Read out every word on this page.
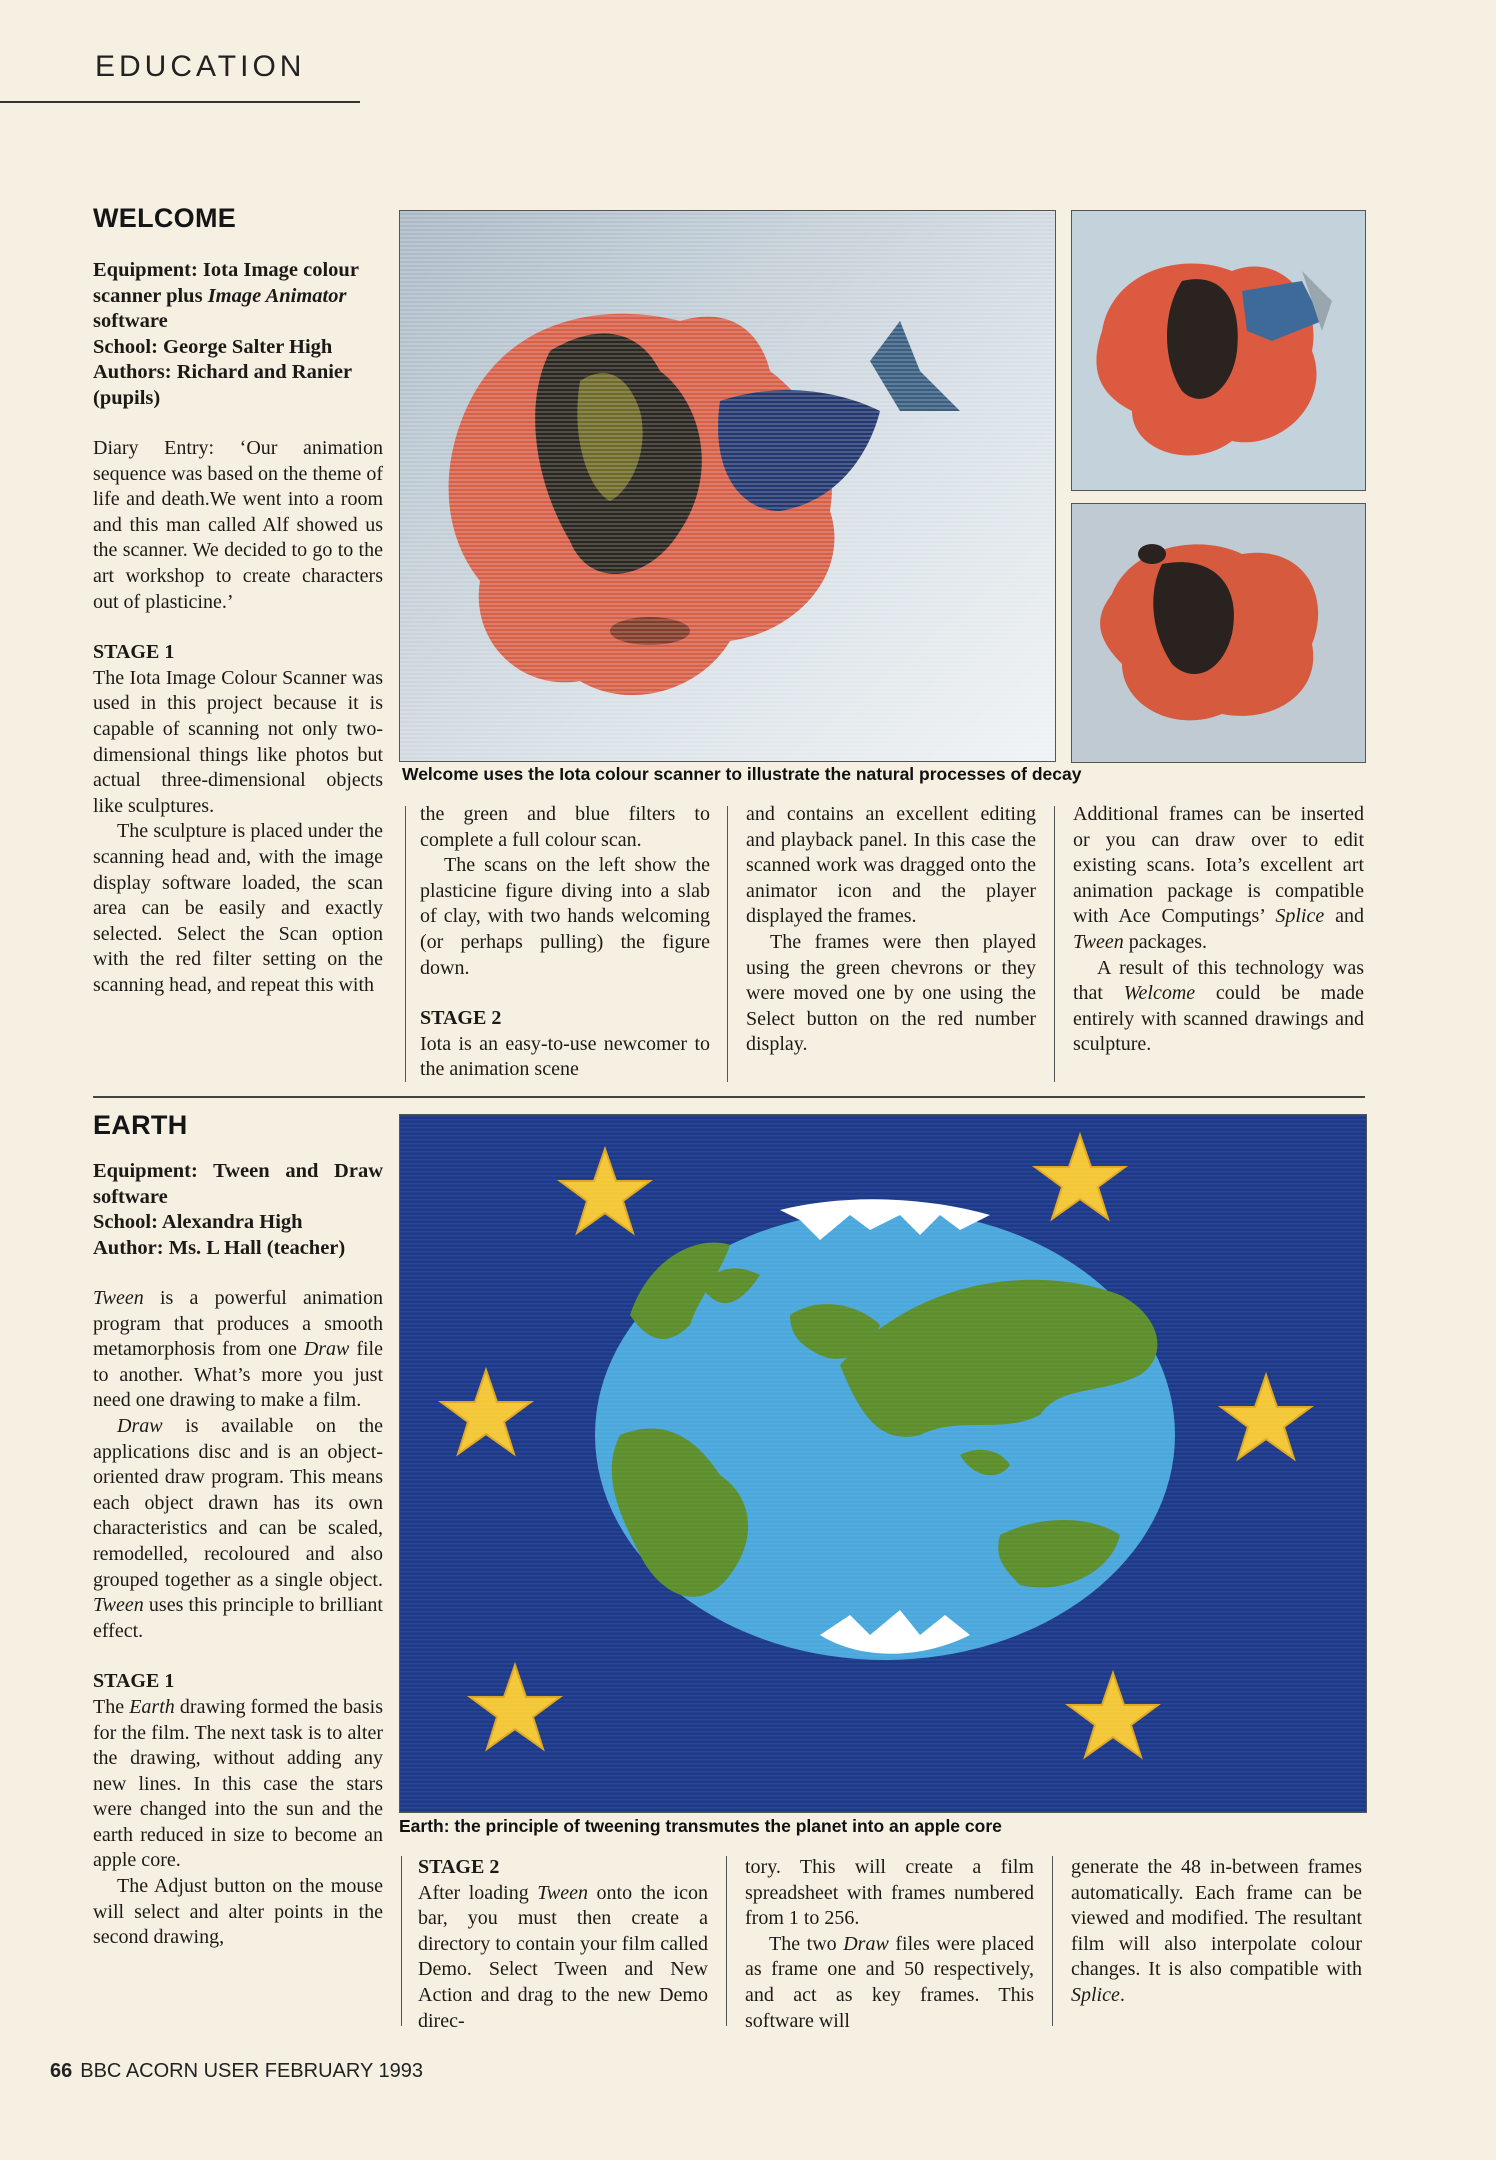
EDUCATION
WELCOME

Equipment: Iota Image colour scanner plus Image Animator software

School: George Salter High

Authors: Richard and Ranier (pupils)

Diary Entry: ‘Our animation sequence was based on the theme of life and death.We went into a room and this man called Alf showed us the scanner. We decided to go to the art workshop to create characters out of plasticine.’

STAGE 1

The Iota Image Colour Scanner was used in this project because it is capable of scanning not only two-dimensional things like photos but actual three-dimensional objects like sculptures.

The sculpture is placed under the scanning head and, with the image display software loaded, the scan area can be easily and exactly selected. Select the Scan option with the red filter setting on the scanning head, and repeat this with

Welcome uses the Iota colour scanner to illustrate the natural processes of decay

the green and blue filters to complete a full colour scan.

The scans on the left show the plasticine figure diving into a slab of clay, with two hands welcoming (or perhaps pulling) the figure down.

STAGE 2

Iota is an easy-to-use newcomer to the animation scene

and contains an excellent editing and playback panel. In this case the scanned work was dragged onto the animator icon and the player displayed the frames.

The frames were then played using the green chevrons or they were moved one by one using the Select button on the red number display.

Additional frames can be inserted or you can draw over to edit existing scans. Iota’s excellent art animation package is compatible with Ace Computings’ Splice and Tween packages.

A result of this technology was that Welcome could be made entirely with scanned drawings and sculpture.

EARTH

Equipment: Tween and Draw software

School: Alexandra High

Author: Ms. L Hall (teacher)

Tween is a powerful animation program that produces a smooth metamorphosis from one Draw file to another. What’s more you just need one drawing to make a film.

Draw is available on the applications disc and is an object-oriented draw program. This means each object drawn has its own characteristics and can be scaled, remodelled, recoloured and also grouped together as a single object. Tween uses this principle to brilliant effect.

STAGE 1

The Earth drawing formed the basis for the film. The next task is to alter the drawing, without adding any new lines. In this case the stars were changed into the sun and the earth reduced in size to become an apple core.

The Adjust button on the mouse will select and alter points in the second drawing,

Earth: the principle of tweening transmutes the planet into an apple core

STAGE 2

After loading Tween onto the icon bar, you must then create a directory to contain your film called Demo. Select Tween and New Action and drag to the new Demo direc-

tory. This will create a film spreadsheet with frames numbered from 1 to 256.

The two Draw files were placed as frame one and 50 respectively, and act as key frames. This software will

generate the 48 in-between frames automatically. Each frame can be viewed and modified. The resultant film will also interpolate colour changes. It is also compatible with Splice.

66 BBC ACORN USER FEBRUARY 1993
